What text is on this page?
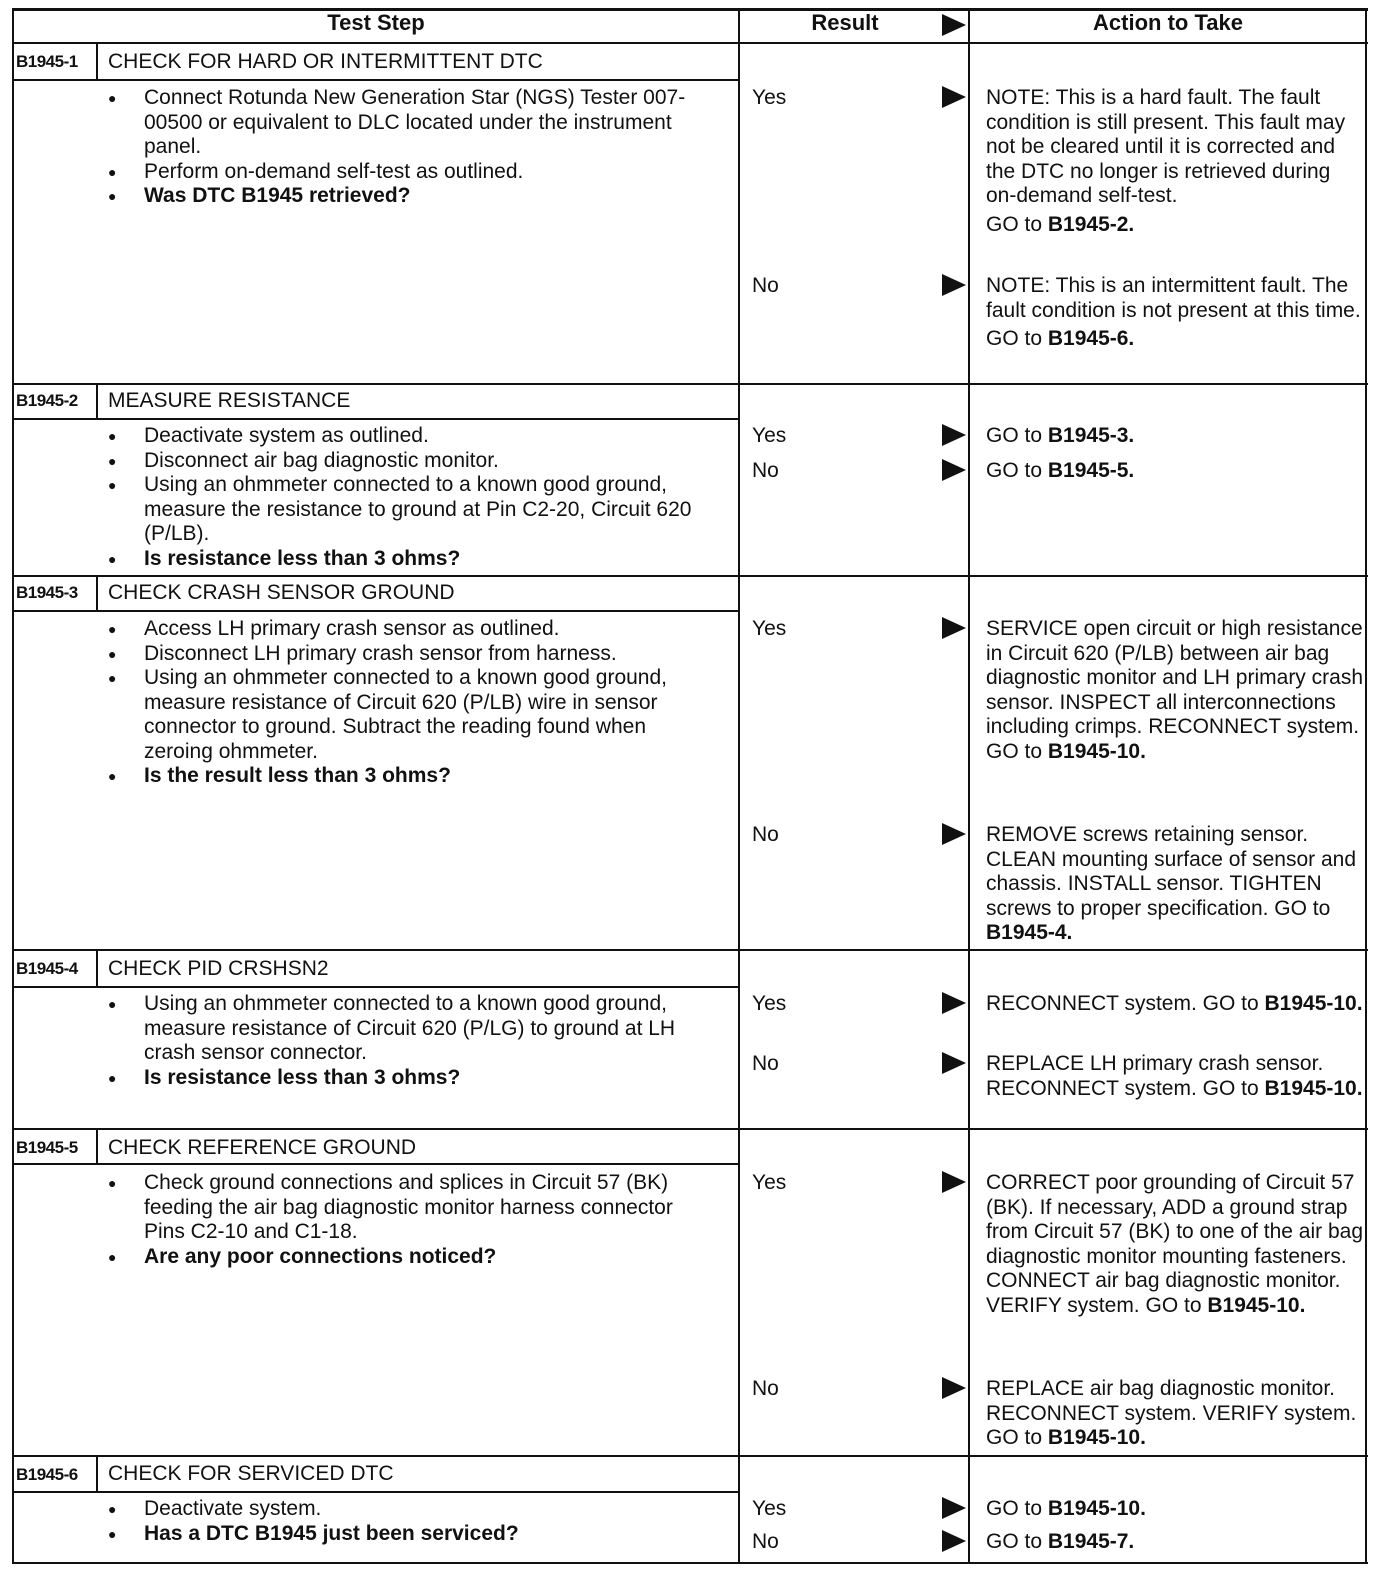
Test Step	Result	Action to Take
B1945-1 CHECK FOR HARD OR INTERMITTENT DTC
● Connect Rotunda New Generation Star (NGS) Tester 007-00500 or equivalent to DLC located under the instrument panel.
● Perform on-demand self-test as outlined.
● Was DTC B1945 retrieved?
Yes	NOTE: This is a hard fault. The fault condition is still present. This fault may not be cleared until it is corrected and the DTC no longer is retrieved during on-demand self-test.

GO to B1945-2.

No	NOTE: This is an intermittent fault. The fault condition is not present at this time.

GO to B1945-6.

B1945-2 MEASURE RESISTANCE
● Deactivate system as outlined.
● Disconnect air bag diagnostic monitor.
● Using an ohmmeter connected to a known good ground, measure the resistance to ground at Pin C2-20, Circuit 620 (P/LB).
● Is resistance less than 3 ohms?
Yes	GO to B1945-3.

No	GO to B1945-5.

B1945-3 CHECK CRASH SENSOR GROUND
● Access LH primary crash sensor as outlined.
● Disconnect LH primary crash sensor from harness.
● Using an ohmmeter connected to a known good ground, measure resistance of Circuit 620 (P/LB) wire in sensor connector to ground. Subtract the reading found when zeroing ohmmeter.
● Is the result less than 3 ohms?
Yes	SERVICE open circuit or high resistance in Circuit 620 (P/LB) between air bag diagnostic monitor and LH primary crash sensor. INSPECT all interconnections including crimps. RECONNECT system. GO to B1945-10.

No	REMOVE screws retaining sensor. CLEAN mounting surface of sensor and chassis. INSTALL sensor. TIGHTEN screws to proper specification. GO to B1945-4.

B1945-4 CHECK PID CRSHSN2
● Using an ohmmeter connected to a known good ground, measure resistance of Circuit 620 (P/LG) to ground at LH crash sensor connector.
● Is resistance less than 3 ohms?
Yes	RECONNECT system. GO to B1945-10.

No	REPLACE LH primary crash sensor. RECONNECT system. GO to B1945-10.

B1945-5 CHECK REFERENCE GROUND
● Check ground connections and splices in Circuit 57 (BK) feeding the air bag diagnostic monitor harness connector Pins C2-10 and C1-18.
● Are any poor connections noticed?
Yes	CORRECT poor grounding of Circuit 57 (BK). If necessary, ADD a ground strap from Circuit 57 (BK) to one of the air bag diagnostic monitor mounting fasteners. CONNECT air bag diagnostic monitor. VERIFY system. GO to B1945-10.

No	REPLACE air bag diagnostic monitor. RECONNECT system. VERIFY system. GO to B1945-10.

B1945-6 CHECK FOR SERVICED DTC
● Deactivate system.
● Has a DTC B1945 just been serviced?
Yes	GO to B1945-10.

No	GO to B1945-7.
